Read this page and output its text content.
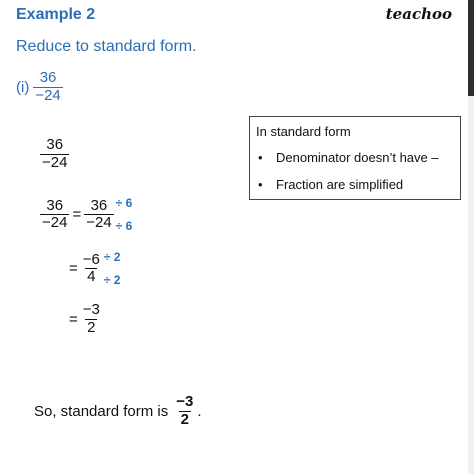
Example 2	teachoo
Reduce to standard form.
$(i) \frac{36}{-24}$
$\frac{36}{-24}$
$\frac{36}{-24} = \frac{36}{-24} \div 6$
÷ 6
= $\frac{-6}{4} \div 2$
÷ 2
= $\frac{-3}{2}$
In standard form
• Denominator doesn’t have –
• Fraction are simplified
So, standard form is $\frac{-3}{2}$ .
